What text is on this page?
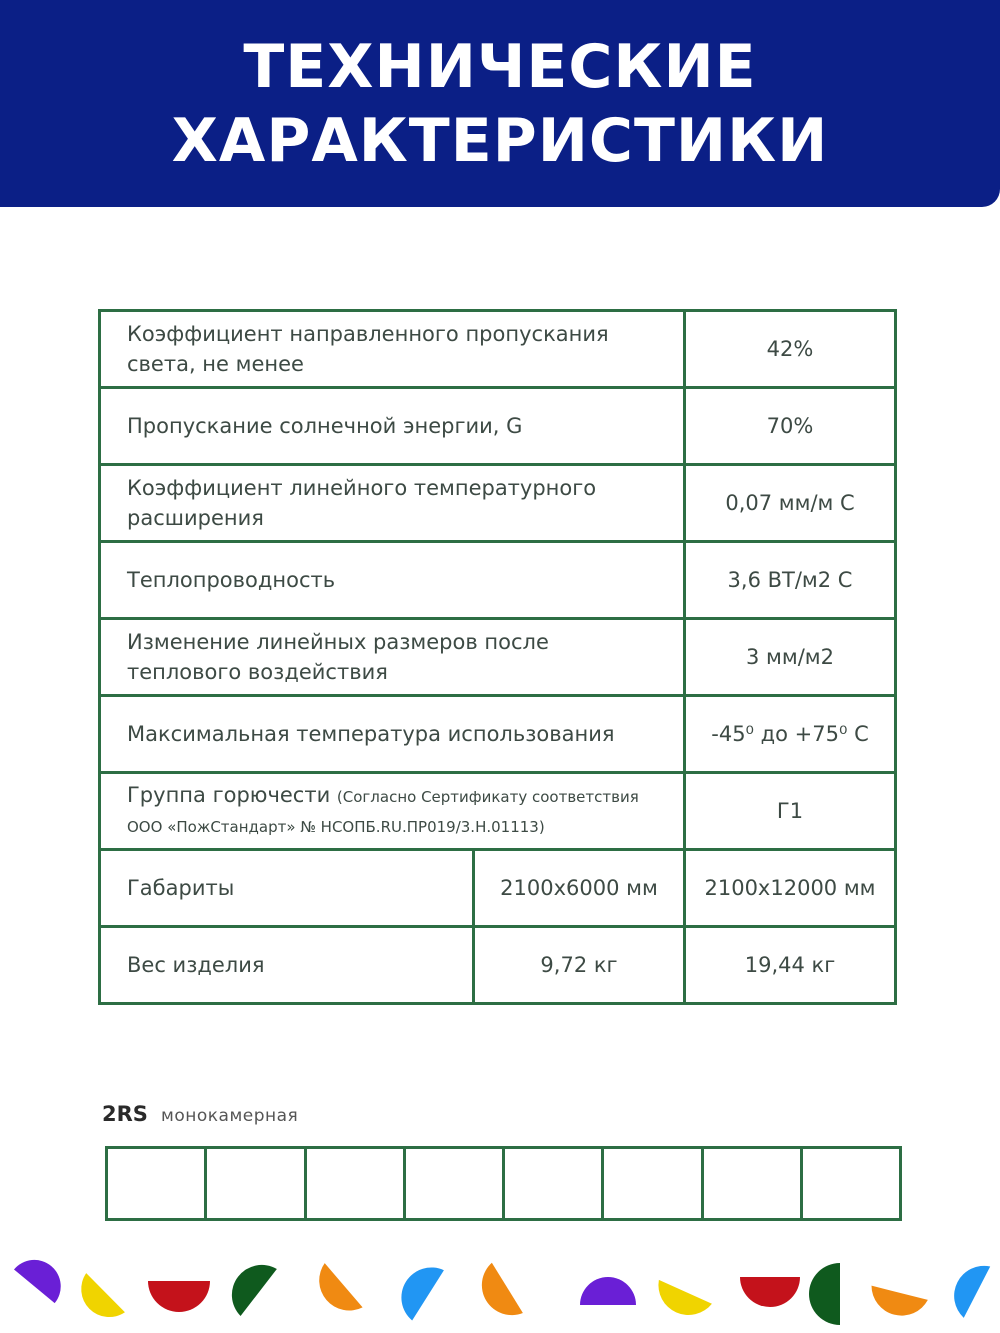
ТЕХНИЧЕСКИЕ
ХАРАКТЕРИСТИКИ
Коэффициент направленного пропускания света, не менее		42%
Пропускание солнечной энергии, G		70%
Коэффициент линейного температурного расширения		0,07 мм/м С
Теплопроводность		3,6 ВТ/м2 С
Изменение линейных размеров после теплового воздействия		3 мм/м2
Максимальная температура использования		-45⁰ до +75⁰ С
Группа горючести (Согласно Сертификату соответствия ООО «ПожСтандарт» № НСОПБ.RU.ПР019/3.Н.01113)		Г1
Габариты	2100х6000 мм	2100х12000 мм
Вес изделия	9,72 кг	19,44 кг
2RS монокамерная
